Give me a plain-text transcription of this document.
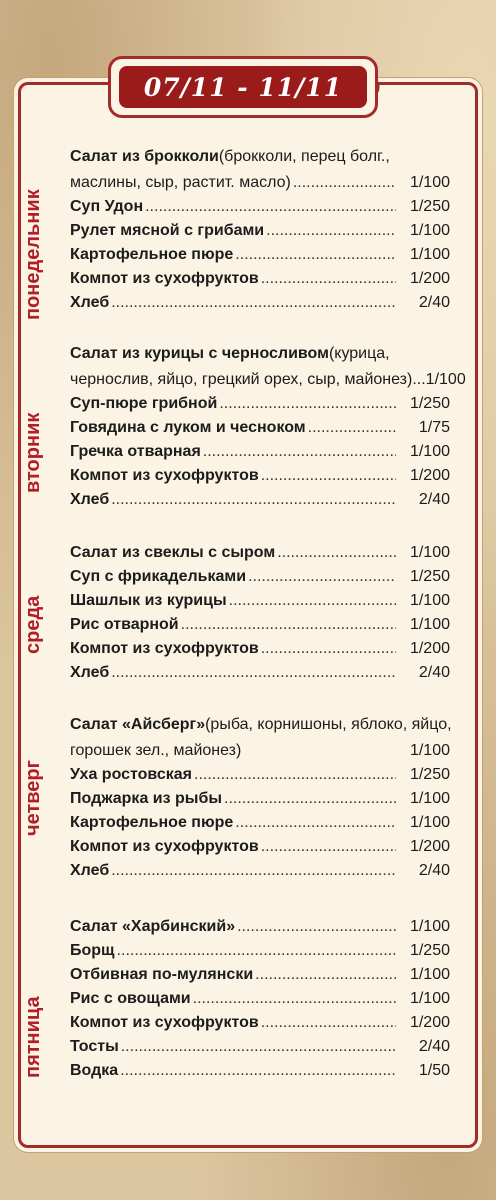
07/11 - 11/11
понедельник
Салат из брокколи (брокколи, перец болг.,
маслины, сыр, растит. масло) .....	1/100
Суп Удон .....	1/250
Рулет мясной с грибами .....	1/100
Картофельное пюре .....	1/100
Компот из сухофруктов .....	1/200
Хлеб .....	2/40
вторник
Салат из курицы с черносливом (курица,
чернослив, яйцо, грецкий орех, сыр, майонез)... 1/100
Суп-пюре грибной .....	1/250
Говядина с луком и чесноком .....	1/75
Гречка отварная .....	1/100
Компот из сухофруктов .....	1/200
Хлеб .....	2/40
среда
Салат из свеклы с сыром .....	1/100
Суп с фрикадельками .....	1/250
Шашлык из курицы .....	1/100
Рис отварной .....	1/100
Компот из сухофруктов .....	1/200
Хлеб .....	2/40
четверг
Салат «Айсберг» (рыба, корнишоны, яблоко, яйцо,
горошек зел., майонез)	1/100
Уха ростовская .....	1/250
Поджарка из рыбы .....	1/100
Картофельное пюре .....	1/100
Компот из сухофруктов .....	1/200
Хлеб .....	2/40
пятница
Салат «Харбинский» .....	1/100
Борщ .....	1/250
Отбивная по-мулянски .....	1/100
Рис с овощами .....	1/100
Компот из сухофруктов .....	1/200
Тосты .....	2/40
Водка .....	1/50
